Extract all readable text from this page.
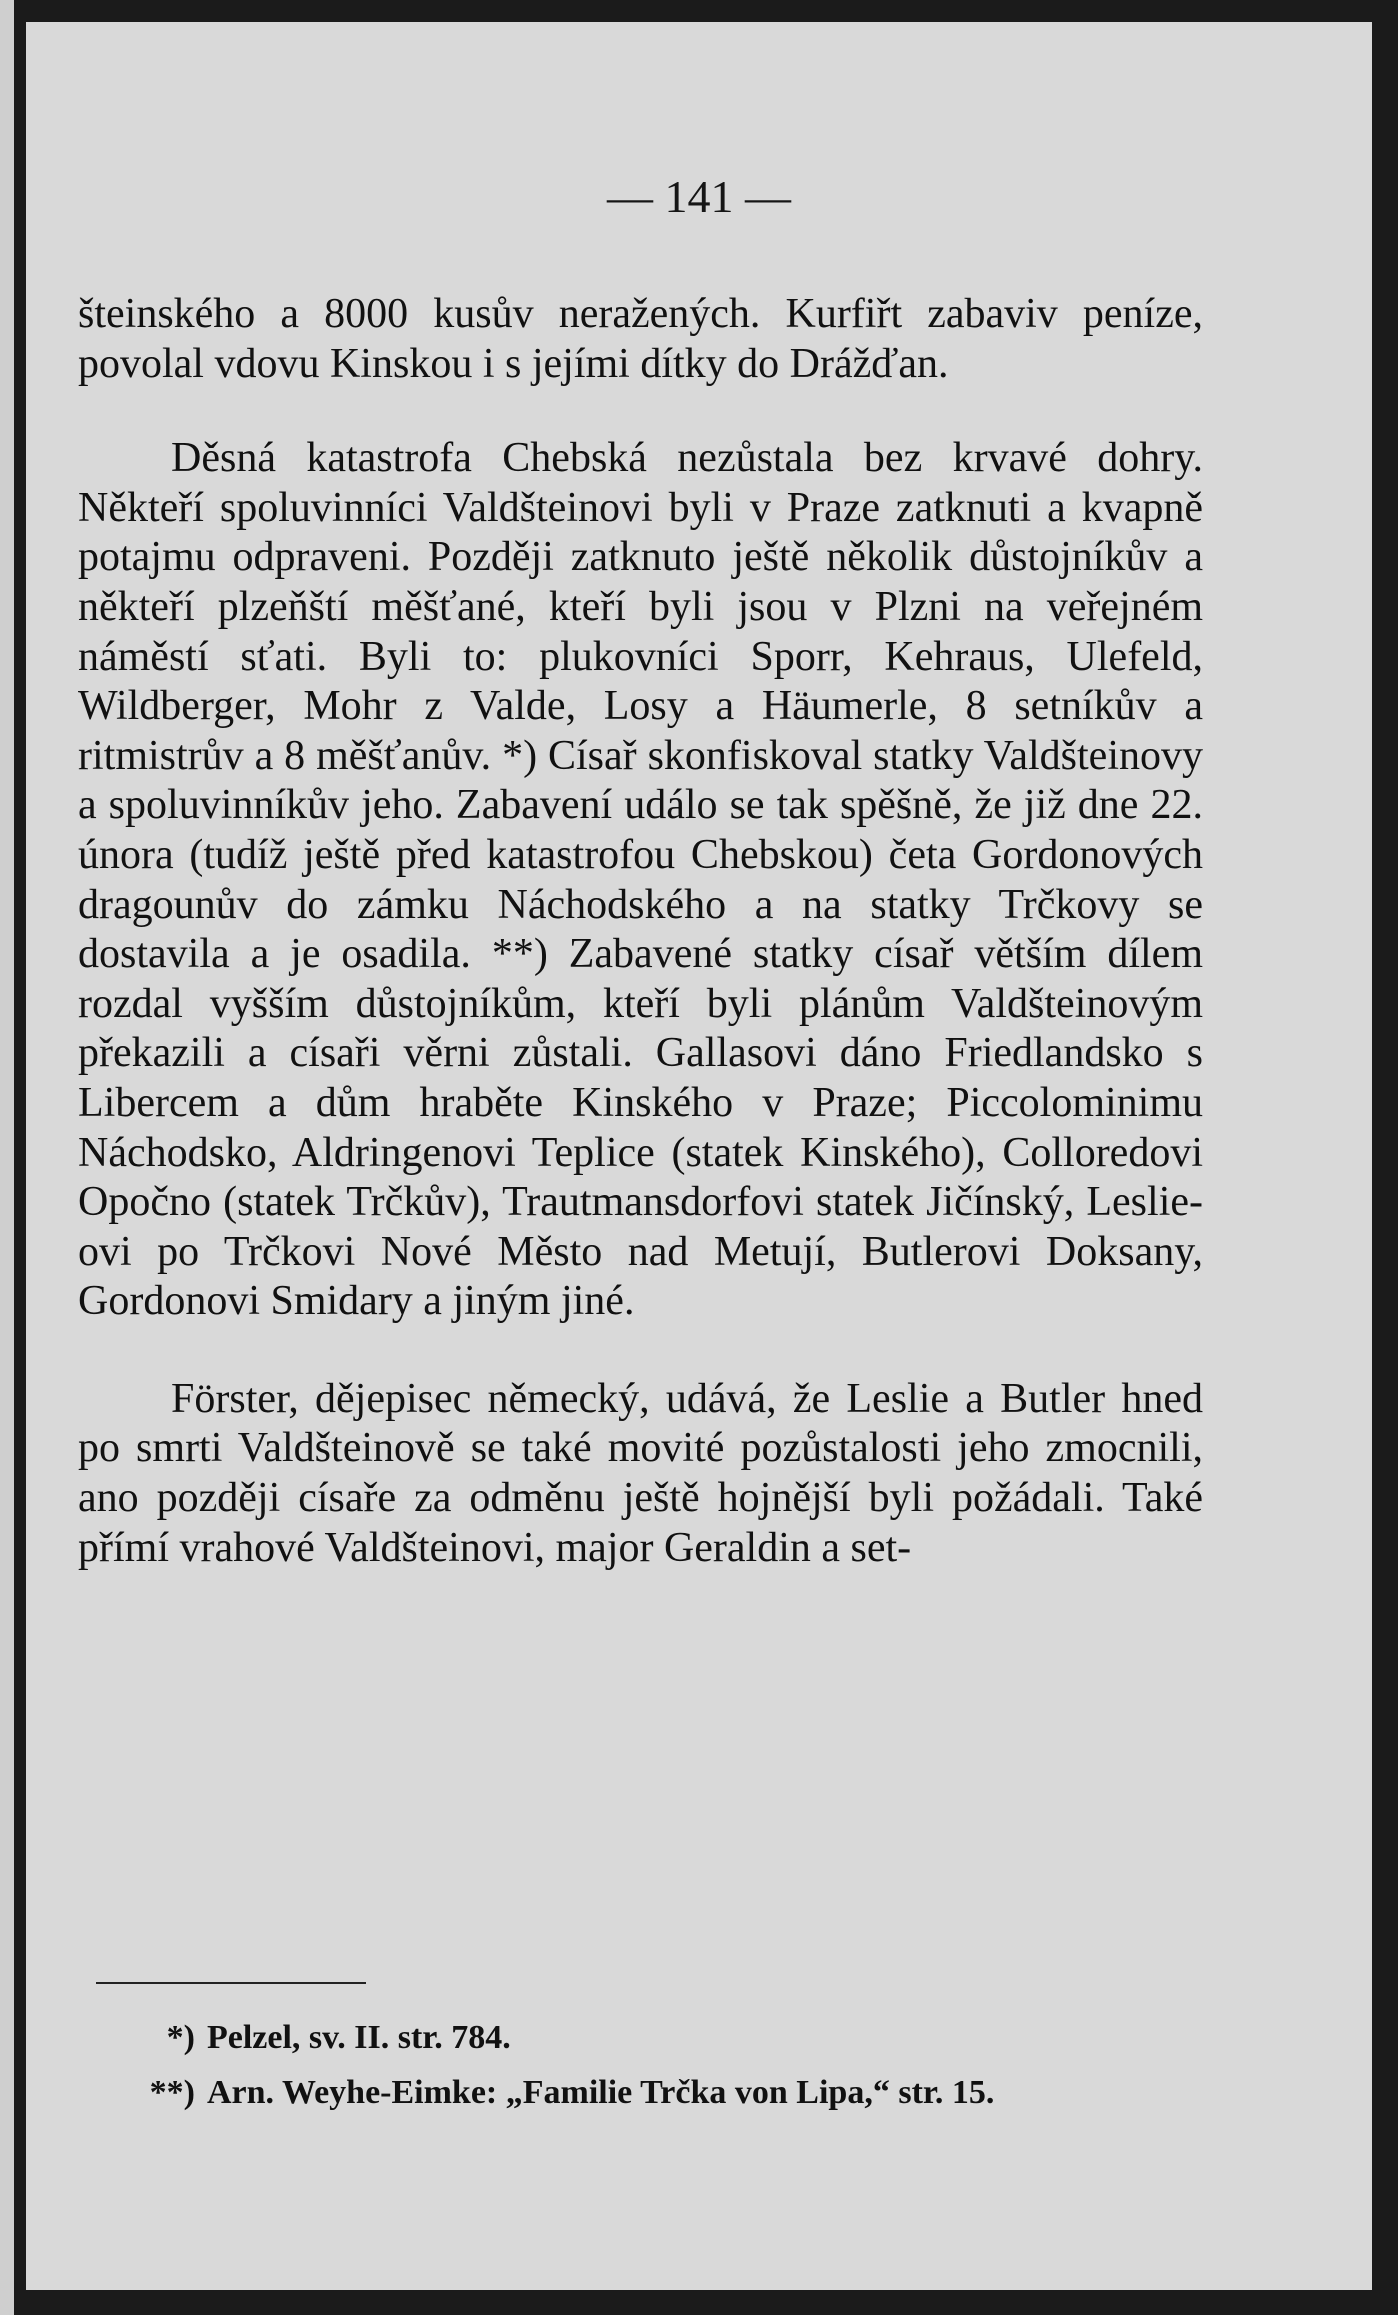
— 141 —

šteinského a 8000 kusův neražených. Kurfiřt zabaviv peníze, povolal vdovu Kinskou i s jejími dítky do Drážďan.

Děsná katastrofa Chebská nezůstala bez krvavé dohry. Někteří spoluvinníci Valdšteinovi byli v Praze zatknuti a kvapně potajmu odpraveni. Později zatknuto ještě několik důstojníkův a někteří plzeňští měšťané, kteří byli jsou v Plzni na veřejném náměstí sťati. Byli to: plukovníci Sporr, Kehraus, Ulefeld, Wildberger, Mohr z Valde, Losy a Häumerle, 8 setníkův a ritmistrův a 8 měšťanův. *) Císař skonfiskoval statky Valdšteinovy a spoluvinníkův jeho. Zabavení událo se tak spěšně, že již dne 22. února (tudíž ještě před katastrofou Chebskou) četa Gordonových dragounův do zámku Náchodského a na statky Trčkovy se dostavila a je osadila. **) Zabavené statky císař větším dílem rozdal vyšším důstojníkům, kteří byli plánům Valdšteinovým překazili a císaři věrni zůstali. Gallasovi dáno Friedlandsko s Libercem a dům hraběte Kinského v Praze; Piccolominimu Náchodsko, Aldringenovi Teplice (statek Kinského), Colloredovi Opočno (statek Trčkův), Trautmansdorfovi statek Jičínský, Leslie-ovi po Trčkovi Nové Město nad Metují, Butlerovi Doksany, Gordonovi Smidary a jiným jiné.

Förster, dějepisec německý, udává, že Leslie a Butler hned po smrti Valdšteinově se také movité pozůstalosti jeho zmocnili, ano později císaře za odměnu ještě hojnější byli požádali. Také přímí vrahové Valdšteinovi, major Geraldin a set-

*) Pelzel, sv. II. str. 784.
**) Arn. Weyhe-Eimke: „Familie Trčka von Lipa,“ str. 15.
